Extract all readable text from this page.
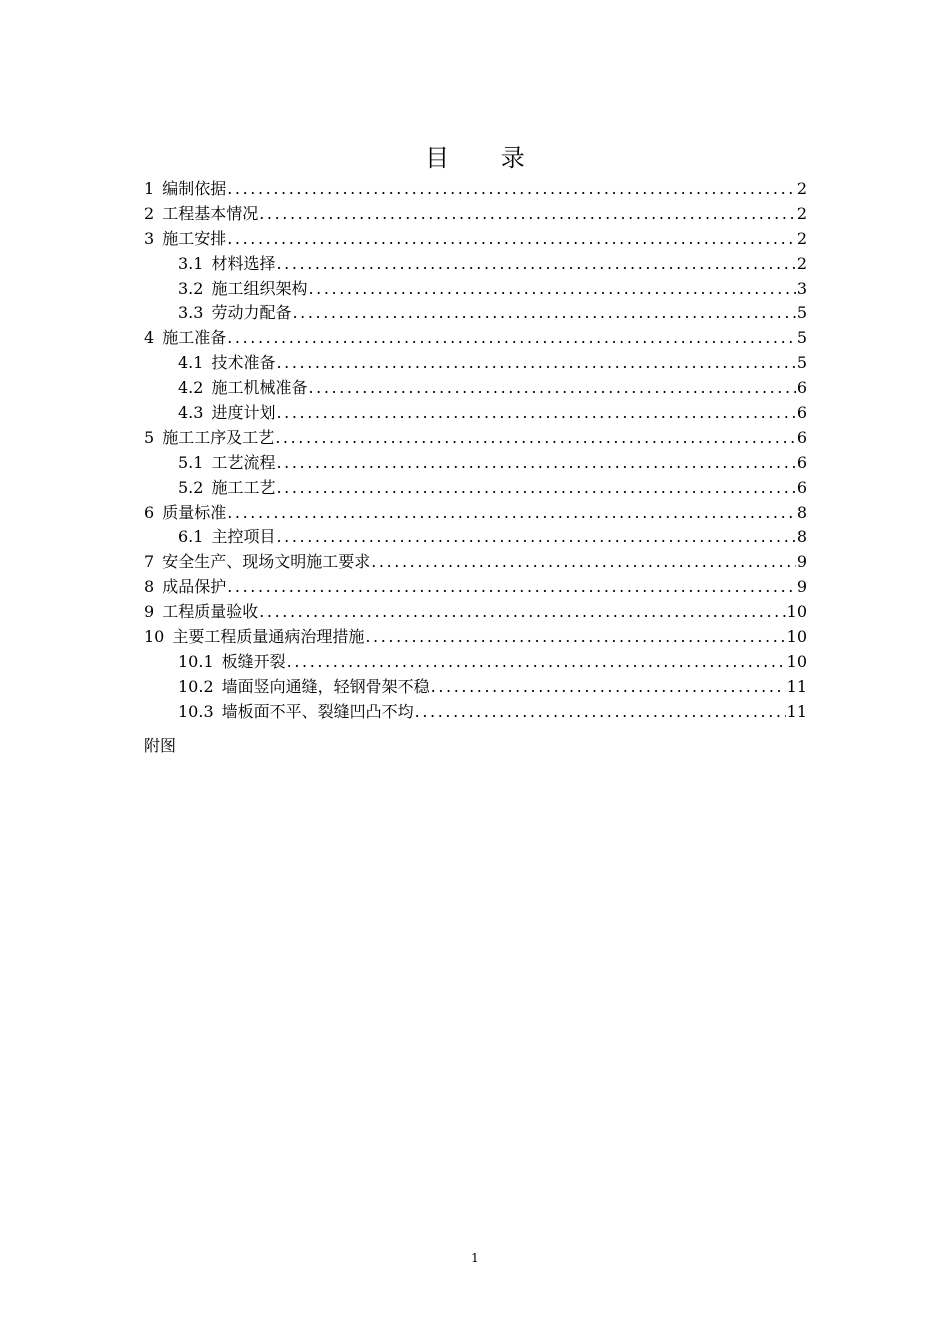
目 录
1 编制依据 .....	2
2 工程基本情况 .....	2
3 施工安排 .....	2
3.1 材料选择 .....	2
3.2 施工组织架构 .....	3
3.3 劳动力配备 .....	5
4 施工准备 .....	5
4.1 技术准备 .....	5
4.2 施工机械准备 .....	6
4.3 进度计划 .....	6
5 施工工序及工艺 .....	6
5.1 工艺流程 .....	6
5.2 施工工艺 .....	6
6 质量标准 .....	8
6.1 主控项目 .....	8
7 安全生产、现场文明施工要求 .....	9
8 成品保护 .....	9
9 工程质量验收 .....	10
10 主要工程质量通病治理措施 .....	10
10.1 板缝开裂 .....	10
10.2 墙面竖向通缝，轻钢骨架不稳 .....	11
10.3 墙板面不平、裂缝凹凸不均 .....	11
附图
1
